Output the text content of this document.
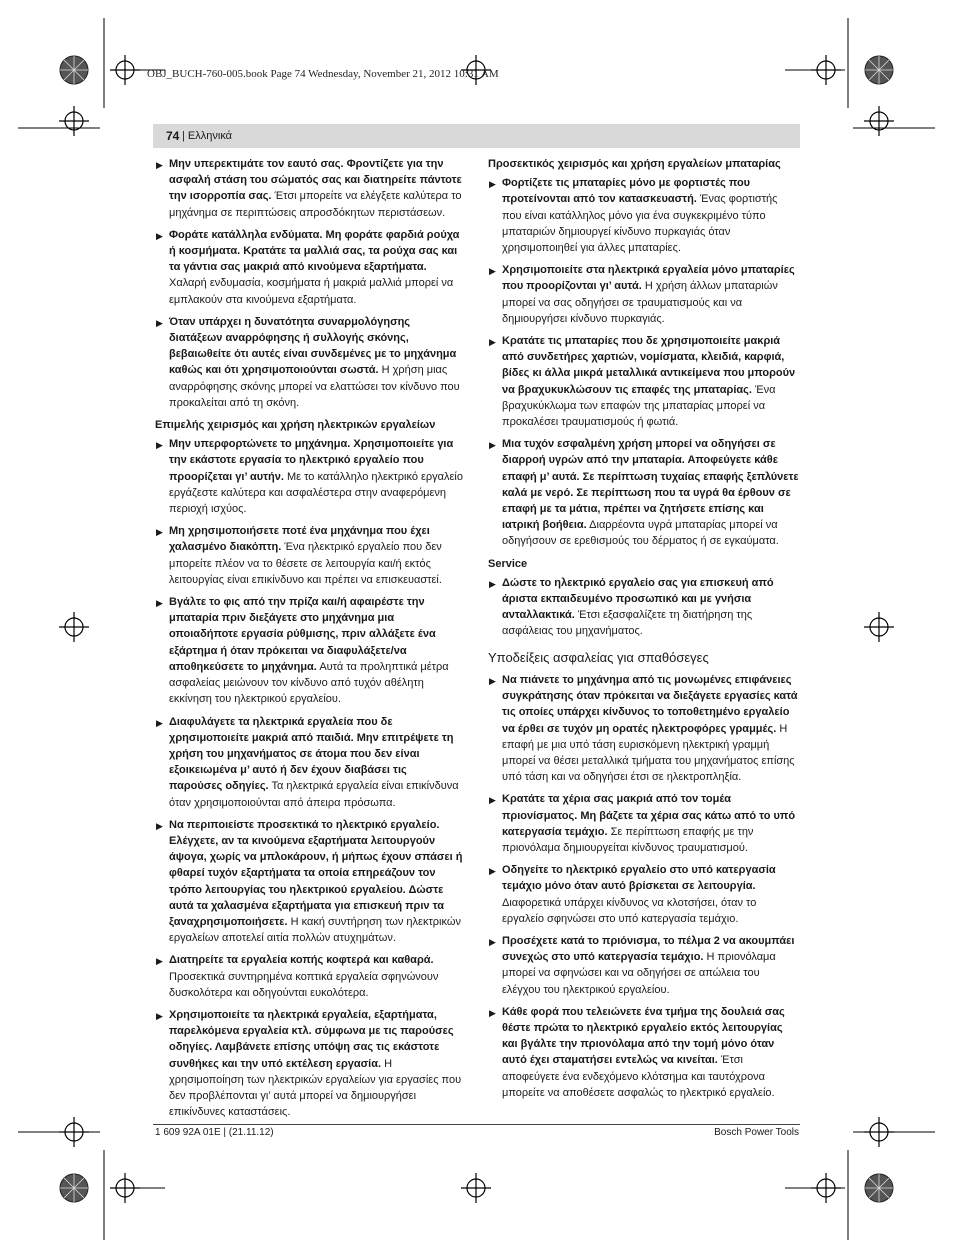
OBJ_BUCH-760-005.book Page 74 Wednesday, November 21, 2012 10:31 AM
74 | Ελληνικά
▶ Μην υπερεκτιμάτε τον εαυτό σας. Φροντίζετε για την ασφαλή στάση του σώματός σας και διατηρείτε πάντοτε την ισορροπία σας. Έτσι μπορείτε να ελέγξετε καλύτερα το μηχάνημα σε περιπτώσεις απροσδόκητων περιστάσεων.
▶ Φοράτε κατάλληλα ενδύματα. Μη φοράτε φαρδιά ρούχα ή κοσμήματα. Κρατάτε τα μαλλιά σας, τα ρούχα σας και τα γάντια σας μακριά από κινούμενα εξαρτήματα. Χαλαρή ενδυμασία, κοσμήματα ή μακριά μαλλιά μπορεί να εμπλακούν στα κινούμενα εξαρτήματα.
▶ Όταν υπάρχει η δυνατότητα συναρμολόγησης διατάξεων αναρρόφησης ή συλλογής σκόνης, βεβαιωθείτε ότι αυτές είναι συνδεμένες με το μηχάνημα καθώς και ότι χρησιμοποιούνται σωστά. Η χρήση μιας αναρρόφησης σκόνης μπορεί να ελαττώσει τον κίνδυνο που προκαλείται από τη σκόνη.
Επιμελής χειρισμός και χρήση ηλεκτρικών εργαλείων
▶ Μην υπερφορτώνετε το μηχάνημα. Χρησιμοποιείτε για την εκάστοτε εργασία το ηλεκτρικό εργαλείο που προορίζεται γι’ αυτήν. Με το κατάλληλο ηλεκτρικό εργαλείο εργάζεστε καλύτερα και ασφαλέστερα στην αναφερόμενη περιοχή ισχύος.
▶ Μη χρησιμοποιήσετε ποτέ ένα μηχάνημα που έχει χαλασμένο διακόπτη. Ένα ηλεκτρικό εργαλείο που δεν μπορείτε πλέον να το θέσετε σε λειτουργία και/ή εκτός λειτουργίας είναι επικίνδυνο και πρέπει να επισκευαστεί.
▶ Βγάλτε το φις από την πρίζα και/ή αφαιρέστε την μπαταρία πριν διεξάγετε στο μηχάνημα μια οποιαδήποτε εργασία ρύθμισης, πριν αλλάξετε ένα εξάρτημα ή όταν πρόκειται να διαφυλάξετε/να αποθηκεύσετε το μηχάνημα. Αυτά τα προληπτικά μέτρα ασφαλείας μειώνουν τον κίνδυνο από τυχόν αθέλητη εκκίνηση του ηλεκτρικού εργαλείου.
▶ Διαφυλάγετε τα ηλεκτρικά εργαλεία που δε χρησιμοποιείτε μακριά από παιδιά. Μην επιτρέψετε τη χρήση του μηχανήματος σε άτομα που δεν είναι εξοικειωμένα μ’ αυτό ή δεν έχουν διαβάσει τις παρούσες οδηγίες. Τα ηλεκτρικά εργαλεία είναι επικίνδυνα όταν χρησιμοποιούνται από άπειρα πρόσωπα.
▶ Να περιποιείστε προσεκτικά το ηλεκτρικό εργαλείο. Ελέγχετε, αν τα κινούμενα εξαρτήματα λειτουργούν άψογα, χωρίς να μπλοκάρουν, ή μήπως έχουν σπάσει ή φθαρεί τυχόν εξαρτήματα τα οποία επηρεάζουν τον τρόπο λειτουργίας του ηλεκτρικού εργαλείου. Δώστε αυτά τα χαλασμένα εξαρτήματα για επισκευή πριν τα ξαναχρησιμοποιήσετε. Η κακή συντήρηση των ηλεκτρικών εργαλείων αποτελεί αιτία πολλών ατυχημάτων.
▶ Διατηρείτε τα εργαλεία κοπής κοφτερά και καθαρά. Προσεκτικά συντηρημένα κοπτικά εργαλεία σφηνώνουν δυσκολότερα και οδηγούνται ευκολότερα.
▶ Χρησιμοποιείτε τα ηλεκτρικά εργαλεία, εξαρτήματα, παρελκόμενα εργαλεία κτλ. σύμφωνα με τις παρούσες οδηγίες. Λαμβάνετε επίσης υπόψη σας τις εκάστοτε συνθήκες και την υπό εκτέλεση εργασία. Η χρησιμοποίηση των ηλεκτρικών εργαλείων για εργασίες που δεν προβλέπονται γι’ αυτά μπορεί να δημιουργήσει επικίνδυνες καταστάσεις.
Προσεκτικός χειρισμός και χρήση εργαλείων μπαταρίας
▶ Φορτίζετε τις μπαταρίες μόνο με φορτιστές που προτείνονται από τον κατασκευαστή. Ένας φορτιστής που είναι κατάλληλος μόνο για ένα συγκεκριμένο τύπο μπαταριών δημιουργεί κίνδυνο πυρκαγιάς όταν χρησιμοποιηθεί για άλλες μπαταρίες.
▶ Χρησιμοποιείτε στα ηλεκτρικά εργαλεία μόνο μπαταρίες που προορίζονται γι’ αυτά. Η χρήση άλλων μπαταριών μπορεί να σας οδηγήσει σε τραυματισμούς και να δημιουργήσει κίνδυνο πυρκαγιάς.
▶ Κρατάτε τις μπαταρίες που δε χρησιμοποιείτε μακριά από συνδετήρες χαρτιών, νομίσματα, κλειδιά, καρφιά, βίδες κι άλλα μικρά μεταλλικά αντικείμενα που μπορούν να βραχυκυκλώσουν τις επαφές της μπαταρίας. Ένα βραχυκύκλωμα των επαφών της μπαταρίας μπορεί να προκαλέσει τραυματισμούς ή φωτιά.
▶ Μια τυχόν εσφαλμένη χρήση μπορεί να οδηγήσει σε διαρροή υγρών από την μπαταρία. Αποφεύγετε κάθε επαφή μ’ αυτά. Σε περίπτωση τυχαίας επαφής ξεπλύνετε καλά με νερό. Σε περίπτωση που τα υγρά θα έρθουν σε επαφή με τα μάτια, πρέπει να ζητήσετε επίσης και ιατρική βοήθεια. Διαρρέοντα υγρά μπαταρίας μπορεί να οδηγήσουν σε ερεθισμούς του δέρματος ή σε εγκαύματα.
Service
▶ Δώστε το ηλεκτρικό εργαλείο σας για επισκευή από άριστα εκπαιδευμένο προσωπικό και με γνήσια ανταλλακτικά. Έτσι εξασφαλίζετε τη διατήρηση της ασφάλειας του μηχανήματος.
Υποδείξεις ασφαλείας για σπαθόσεγες
▶ Να πιάνετε το μηχάνημα από τις μονωμένες επιφάνειες συγκράτησης όταν πρόκειται να διεξάγετε εργασίες κατά τις οποίες υπάρχει κίνδυνος το τοποθετημένο εργαλείο να έρθει σε τυχόν μη ορατές ηλεκτροφόρες γραμμές. Η επαφή με μια υπό τάση ευρισκόμενη ηλεκτρική γραμμή μπορεί να θέσει μεταλλικά τμήματα του μηχανήματος επίσης υπό τάση και να οδηγήσει έτσι σε ηλεκτροπληξία.
▶ Κρατάτε τα χέρια σας μακριά από τον τομέα πριονίσματος. Μη βάζετε τα χέρια σας κάτω από το υπό κατεργασία τεμάχιο. Σε περίπτωση επαφής με την πριονόλαμα δημιουργείται κίνδυνος τραυματισμού.
▶ Οδηγείτε το ηλεκτρικό εργαλείο στο υπό κατεργασία τεμάχιο μόνο όταν αυτό βρίσκεται σε λειτουργία. Διαφορετικά υπάρχει κίνδυνος να κλοτσήσει, όταν το εργαλείο σφηνώσει στο υπό κατεργασία τεμάχιο.
▶ Προσέχετε κατά το πριόνισμα, το πέλμα 2 να ακουμπάει συνεχώς στο υπό κατεργασία τεμάχιο. Η πριονόλαμα μπορεί να σφηνώσει και να οδηγήσει σε απώλεια του ελέγχου του ηλεκτρικού εργαλείου.
▶ Κάθε φορά που τελειώνετε ένα τμήμα της δουλειά σας θέστε πρώτα το ηλεκτρικό εργαλείο εκτός λειτουργίας και βγάλτε την πριονόλαμα από την τομή μόνο όταν αυτό έχει σταματήσει εντελώς να κινείται. Έτσι αποφεύγετε ένα ενδεχόμενο κλότσημα και ταυτόχρονα μπορείτε να αποθέσετε ασφαλώς το ηλεκτρικό εργαλείο.
1 609 92A 01E | (21.11.12)	Bosch Power Tools
